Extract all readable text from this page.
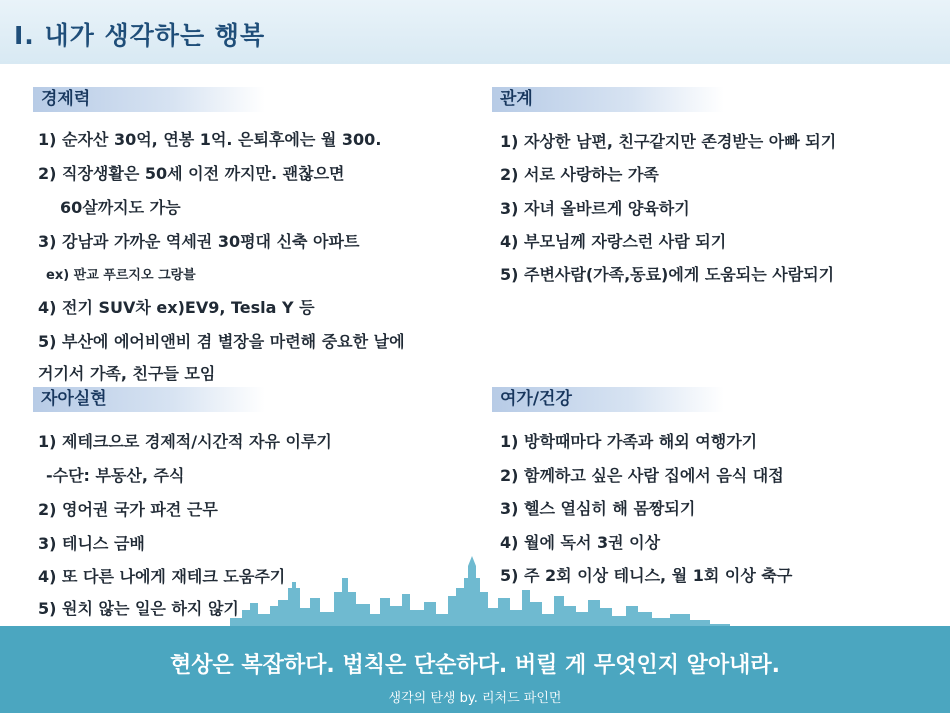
Ⅰ. 내가 생각하는 행복
경제력
1) 순자산 30억, 연봉 1억. 은퇴후에는 월 300.
2) 직장생활은 50세 이전 까지만. 괜찮으면
60살까지도 가능
3) 강남과 가까운 역세권 30평대 신축 아파트
ex) 판교 푸르지오 그랑블
4) 전기 SUV차 ex)EV9, Tesla Y 등
5) 부산에 에어비앤비 겸 별장을 마련해 중요한 날에
거기서 가족, 친구들 모임
관계
1) 자상한 남편, 친구같지만 존경받는 아빠 되기
2) 서로 사랑하는 가족
3) 자녀 올바르게 양육하기
4) 부모님께 자랑스런 사람 되기
5) 주변사람(가족,동료)에게 도움되는 사람되기
자아실현
1) 제테크으로 경제적/시간적 자유 이루기
-수단: 부동산, 주식
2) 영어권 국가 파견 근무
3) 테니스 금배
4) 또 다른 나에게 재테크 도움주기
5) 원치 않는 일은 하지 않기
여가/건강
1) 방학때마다 가족과 해외 여행가기
2) 함께하고 싶은 사람 집에서 음식 대접
3) 헬스 열심히 해 몸짱되기
4) 월에 독서 3권 이상
5) 주 2회 이상 테니스, 월 1회 이상 축구
현상은 복잡하다. 법칙은 단순하다. 버릴 게 무엇인지 알아내라.
생각의 탄생 by. 리처드 파인먼
